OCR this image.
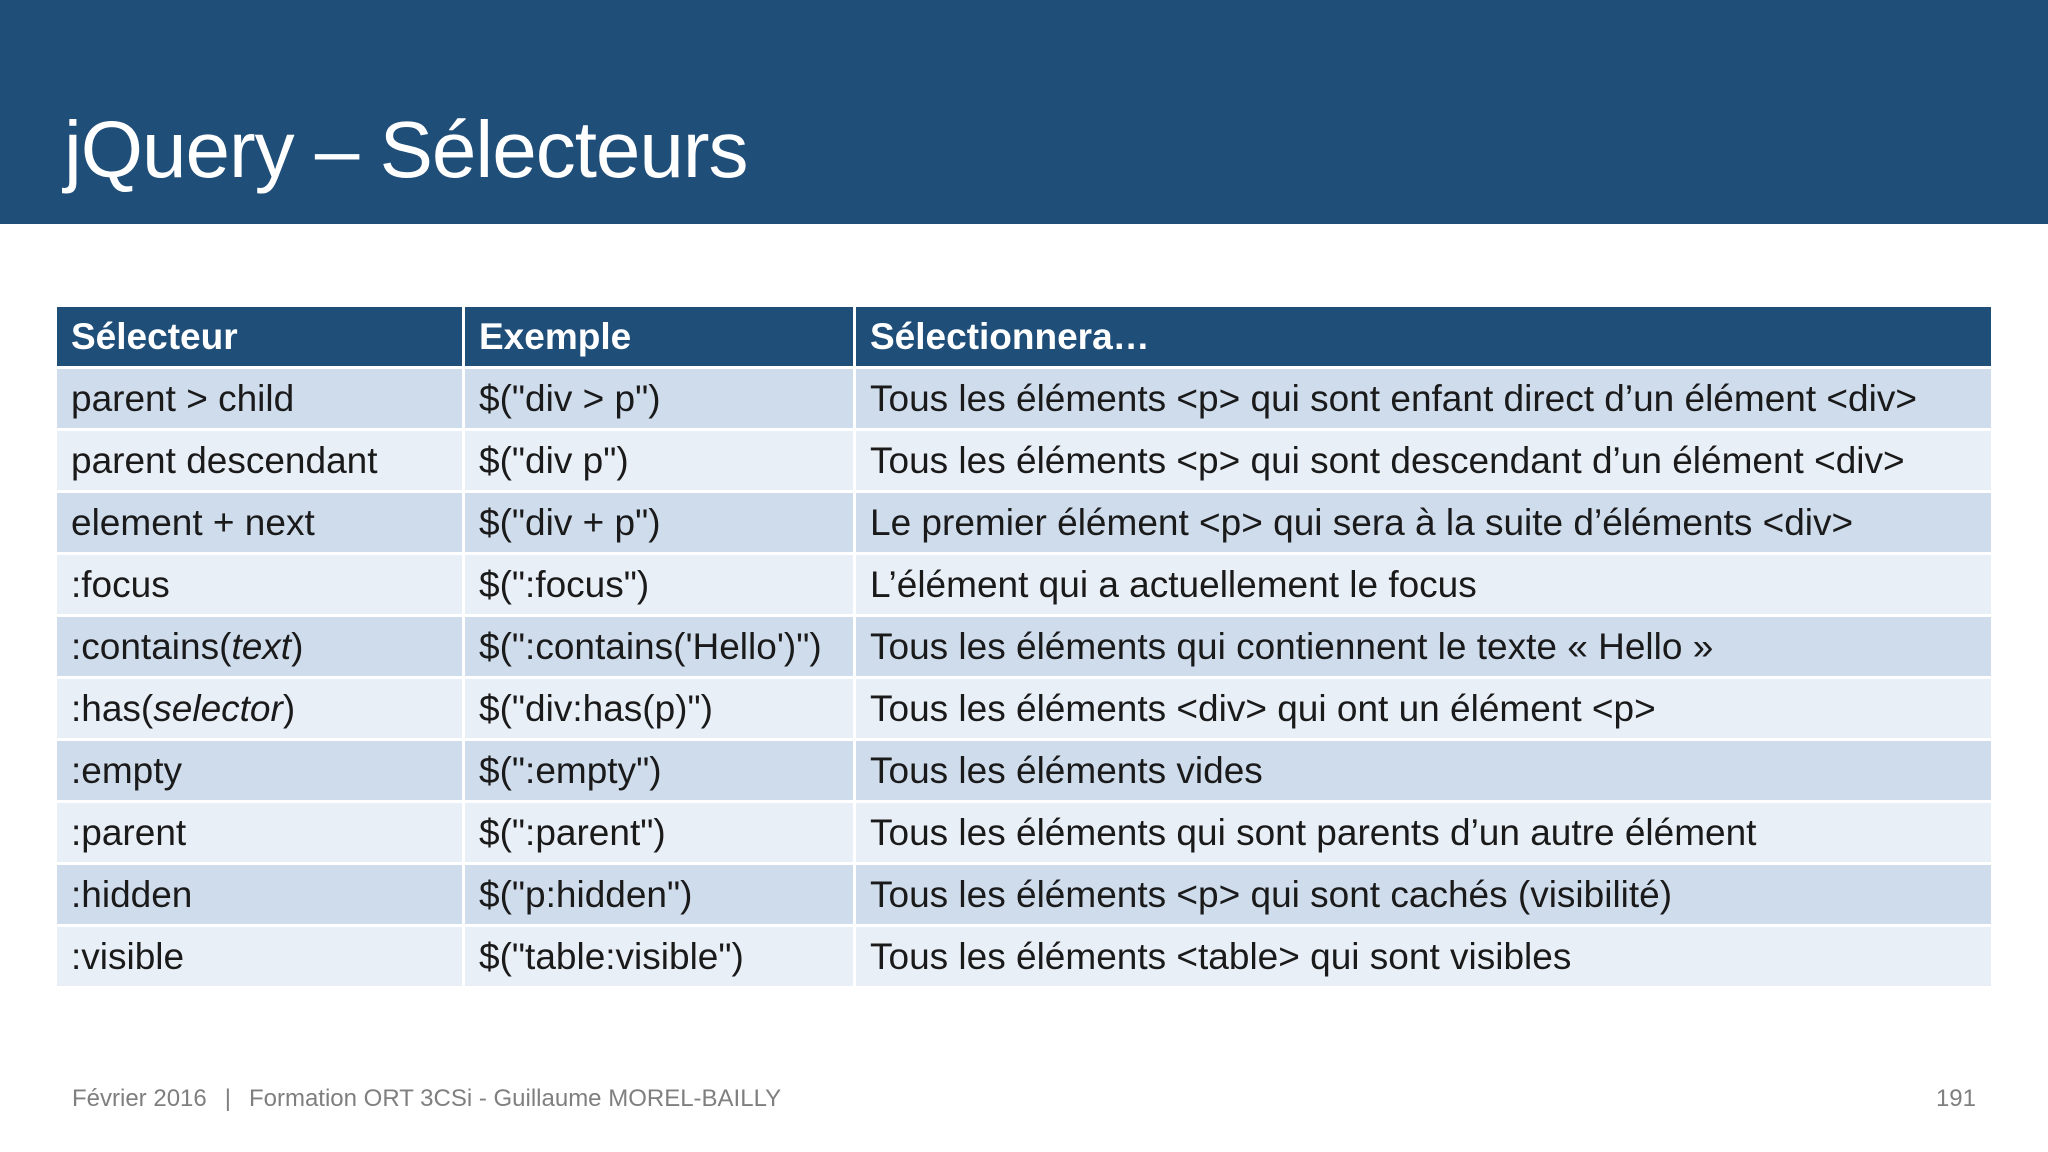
jQuery – Sélecteurs
Sélecteur	Exemple	Sélectionnera…
parent > child	$("div > p")	Tous les éléments <p> qui sont enfant direct d’un élément <div>
parent descendant	$("div p")	Tous les éléments <p> qui sont descendant d’un élément <div>
element + next	$("div + p")	Le premier élément <p> qui sera à la suite d’éléments <div>
:focus	$(":focus")	L’élément qui a actuellement le focus
:contains(text)	$(":contains('Hello')")	Tous les éléments qui contiennent le texte « Hello »
:has(selector)	$("div:has(p)")	Tous les éléments <div> qui ont un élément <p>
:empty	$(":empty")	Tous les éléments vides
:parent	$(":parent")	Tous les éléments qui sont parents d’un autre élément
:hidden	$("p:hidden")	Tous les éléments <p> qui sont cachés (visibilité)
:visible	$("table:visible")	Tous les éléments <table> qui sont visibles
Février 2016 | Formation ORT 3CSi - Guillaume MOREL-BAILLY	191
